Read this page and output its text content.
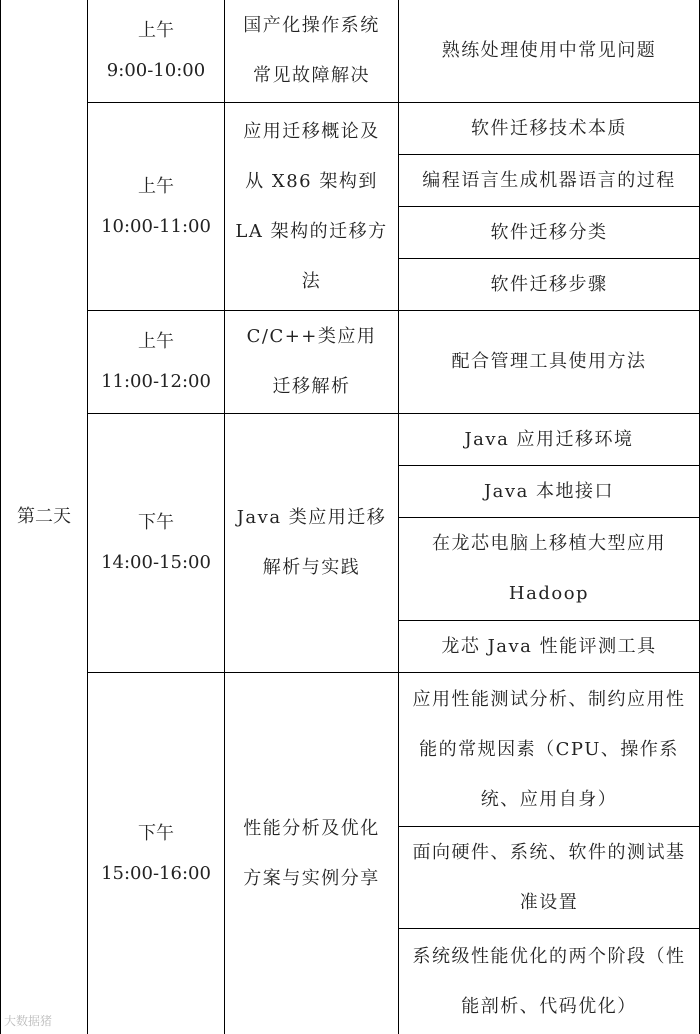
第二天
上午
9:00-10:00
国产化操作系统常见故障解决
熟练处理使用中常见问题
上午
10:00-11:00
应用迁移概论及从 X86 架构到 LA 架构的迁移方法
软件迁移技术本质
编程语言生成机器语言的过程
软件迁移分类
软件迁移步骤
上午
11:00-12:00
C/C++类应用迁移解析
配合管理工具使用方法
下午
14:00-15:00
Java 类应用迁移解析与实践
Java 应用迁移环境
Java 本地接口
在龙芯电脑上移植大型应用 Hadoop
龙芯 Java 性能评测工具
下午
15:00-16:00
性能分析及优化方案与实例分享
应用性能测试分析、制约应用性能的常规因素（CPU、操作系统、应用自身）
面向硬件、系统、软件的测试基准设置
系统级性能优化的两个阶段（性能剖析、代码优化）
大数据猪
